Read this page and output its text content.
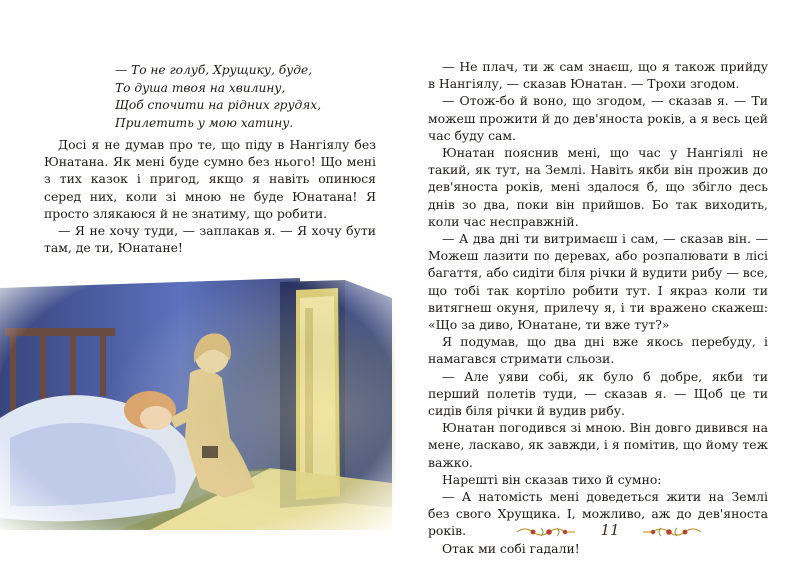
— То не голуб, Хрущику, буде,
То душа твоя на хвилину,
Щоб спочити на рідних грудях,
Прилетить у мою хатину.

Досі я не думав про те, що піду в Нангіялу без Юнатана. Як мені буде сумно без нього! Що мені з тих казок і пригод, якщо я навіть опинюся серед них, коли зі мною не буде Юнатана! Я просто злякаюся й не знатиму, що робити.

— Я не хочу туди, — заплакав я. — Я хочу бути там, де ти, Юнатане!

— Не плач, ти ж сам знаєш, що я також прийду в Нангіялу, — сказав Юнатан. — Трохи згодом.

— Отож-бо й воно, що згодом, — сказав я. — Ти можеш прожити й до дев'яноста років, а я весь цей час буду сам.

Юнатан пояснив мені, що час у Нангіялі не такий, як тут, на Землі. Навіть якби він прожив до дев'яноста років, мені здалося б, що збігло десь днів зо два, поки він прийшов. Бо так виходить, коли час несправжній.

— А два дні ти витримаєш і сам, — сказав він. — Можеш лазити по деревах, або розпалювати в лісі багаття, або сидіти біля річки й вудити рибу — все, що тобі так кортіло робити тут. І якраз коли ти витягнеш окуня, прилечу я, і ти вражено скажеш: «Що за диво, Юнатане, ти вже тут?»

Я подумав, що два дні вже якось перебуду, і намагався стримати сльози.

— Але уяви собі, як було б добре, якби ти перший полетів туди, — сказав я. — Щоб це ти сидів біля річки й вудив рибу.

Юнатан погодився зі мною. Він довго дивився на мене, ласкаво, як завжди, і я помітив, що йому теж важко.

Нарешті він сказав тихо й сумно:

— А натомість мені доведеться жити на Землі без свого Хрущика. І, можливо, аж до дев'яноста років.

Отак ми собі гадали!

11
